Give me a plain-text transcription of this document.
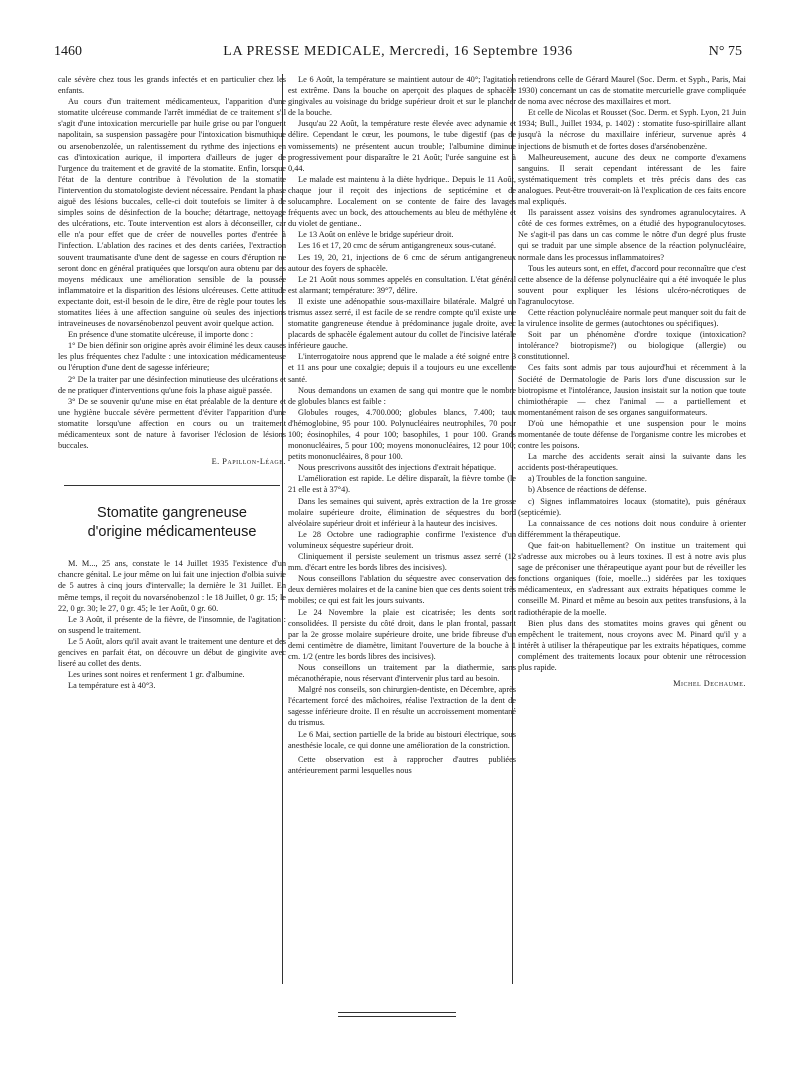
1460	LA PRESSE MEDICALE, Mercredi, 16 Septembre 1936	N° 75

cale sévère chez tous les grands infectés et en particulier chez les enfants.

Au cours d'un traitement médicamenteux, l'apparition d'une stomatite ulcéreuse commande l'arrêt immédiat de ce traitement s'il s'agit d'une intoxication mercurielle par huile grise ou par l'onguent napolitain, sa suspension passagère pour l'intoxication bismuthique ou arsenobenzolée, un ralentissement du rythme des injections en cas d'intoxication aurique, il importera d'ailleurs de juger de l'urgence du traitement et de gravité de la stomatite. Enfin, lorsque l'état de la denture contribue à l'évolution de la stomatite l'intervention du stomatologiste devient nécessaire. Pendant la phase aiguë des lésions buccales, celle-ci doit toutefois se limiter à de simples soins de désinfection de la bouche; détartrage, nettoyage des ulcérations, etc. Toute intervention est alors à déconseiller, car elle n'a pour effet que de créer de nouvelles portes d'entrée à l'infection. L'ablation des racines et des dents cariées, l'extraction souvent traumatisante d'une dent de sagesse en cours d'éruption ne seront donc en général pratiquées que lorsqu'on aura obtenu par des moyens médicaux une amélioration sensible de la poussée inflammatoire et la disparition des lésions ulcéreuses. Cette attitude expectante doit, est-il besoin de le dire, être de règle pour toutes les stomatites liées à une affection sanguine où seules des injections intraveineuses de novarsénobenzol peuvent avoir quelque action.

En présence d'une stomatite ulcéreuse, il importe donc :

1° De bien définir son origine après avoir éliminé les deux causes les plus fréquentes chez l'adulte : une intoxication médicamenteuse ou l'éruption d'une dent de sagesse inférieure;

2° De la traiter par une désinfection minutieuse des ulcérations et de ne pratiquer d'interventions qu'une fois la phase aiguë passée.

3° De se souvenir qu'une mise en état préalable de la denture et une hygiène buccale sévère permettent d'éviter l'apparition d'une stomatite lorsqu'une affection en cours ou un traitement médicamenteux sont de nature à favoriser l'éclosion de lésions buccales.

E. Papillon-Léage.

Stomatite gangreneuse
d'origine médicamenteuse

M. M..., 25 ans, constate le 14 Juillet 1935 l'existence d'un chancre génital. Le jour même on lui fait une injection d'olbia suivie de 5 autres à cinq jours d'intervalle; la dernière le 31 Juillet. En même temps, il reçoit du novarsénobenzol : le 18 Juillet, 0 gr. 15; le 22, 0 gr. 30; le 27, 0 gr. 45; le 1er Août, 0 gr. 60.

Le 3 Août, il présente de la fièvre, de l'insomnie, de l'agitation : on suspend le traitement.

Le 5 Août, alors qu'il avait avant le traitement une denture et des gencives en parfait état, on découvre un début de gingivite avec liseré au collet des dents.

Les urines sont noires et renferment 1 gr. d'albumine.

La température est à 40°3.

Le 6 Août, la température se maintient autour de 40°; l'agitation est extrême. Dans la bouche on aperçoit des plaques de sphacèle gingivales au voisinage du bridge supérieur droit et sur le plancher de la bouche.

Jusqu'au 22 Août, la température reste élevée avec adynamie et délire. Cependant le cœur, les poumons, le tube digestif (pas de vomissements) ne présentent aucun trouble; l'albumine diminue progressivement pour disparaître le 21 Août; l'urée sanguine est à 0,44.

Le malade est maintenu à la diète hydrique.. Depuis le 11 Août, chaque jour il reçoit des injections de septicémine et de solucamphre. Localement on se contente de faire des lavages fréquents avec un bock, des attouchements au bleu de méthylène et du violet de gentiane..

Le 13 Août on enlève le bridge supérieur droit.

Les 16 et 17, 20 cmc de sérum antigangreneux sous-cutané.

Les 19, 20, 21, injections de 6 cmc de sérum antigangreneux autour des foyers de sphacèle.

Le 21 Août nous sommes appelés en consultation. L'état général est alarmant; température: 39°7, délire.

Il existe une adénopathie sous-maxillaire bilatérale. Malgré un trismus assez serré, il est facile de se rendre compte qu'il existe une stomatite gangreneuse étendue à prédominance jugale droite, avec placards de sphacèle également autour du collet de l'incisive latérale inférieure gauche.

L'interrogatoire nous apprend que le malade a été soigné entre 3 et 11 ans pour une coxalgie; depuis il a toujours eu une excellente santé.

Nous demandons un examen de sang qui montre que le nombre de globules blancs est faible :

Globules rouges, 4.700.000; globules blancs, 7.400; taux d'hémoglobine, 95 pour 100. Polynucléaires neutrophiles, 70 pour 100; éosinophiles, 4 pour 100; basophiles, 1 pour 100. Grands mononucléaires, 5 pour 100; moyens mononucléaires, 12 pour 100; petits mononucléaires, 8 pour 100.

Nous prescrivons aussitôt des injections d'extrait hépatique.

L'amélioration est rapide. Le délire disparaît, la fièvre tombe (le 21 elle est à 37°4).

Dans les semaines qui suivent, après extraction de la 1re grosse molaire supérieure droite, élimination de séquestres du bord alvéolaire supérieur droit et inférieur à la hauteur des incisives.

Le 28 Octobre une radiographie confirme l'existence d'un volumineux séquestre supérieur droit.

Cliniquement il persiste seulement un trismus assez serré (12 mm. d'écart entre les bords libres des incisives).

Nous conseillons l'ablation du séquestre avec conservation des deux dernières molaires et de la canine bien que ces dents soient très mobiles; ce qui est fait les jours suivants.

Le 24 Novembre la plaie est cicatrisée; les dents sont consolidées. Il persiste du côté droit, dans le plan frontal, passant par la 2e grosse molaire supérieure droite, une bride fibreuse d'un demi centimètre de diamètre, limitant l'ouverture de la bouche à 1 cm. 1/2 (entre les bords libres des incisives).

Nous conseillons un traitement par la diathermie, sans mécanothérapie, nous réservant d'intervenir plus tard au besoin.

Malgré nos conseils, son chirurgien-dentiste, en Décembre, après l'écartement forcé des mâchoires, réalise l'extraction de la dent de sagesse inférieure droite. Il en résulte un accroissement momentané du trismus.

Le 6 Mai, section partielle de la bride au bistouri électrique, sous anesthésie locale, ce qui donne une amélioration de la constriction.

Cette observation est à rapprocher d'autres publiées antérieurement parmi lesquelles nous

retiendrons celle de Gérard Maurel (Soc. Derm. et Syph., Paris, Mai 1930) concernant un cas de stomatite mercurielle grave compliquée de noma avec nécrose des maxillaires et mort.

Et celle de Nicolas et Rousset (Soc. Derm. et Syph. Lyon, 21 Juin 1934; Bull., Juillet 1934, p. 1402) : stomatite fuso-spirillaire allant jusqu'à la nécrose du maxillaire inférieur, survenue après 4 injections de bismuth et de fortes doses d'arsénobenzène.

Malheureusement, aucune des deux ne comporte d'examens sanguins. Il serait cependant intéressant de les faire systématiquement très complets et très précis dans des cas analogues. Peut-être trouverait-on là l'explication de ces faits encore mal expliqués.

Ils paraissent assez voisins des syndromes agranulocytaires. A côté de ces formes extrêmes, on a étudié des hypogranulocytoses. Ne s'agit-il pas dans un cas comme le nôtre d'un degré plus fruste qui se traduit par une simple absence de la réaction polynucléaire, normale dans les processus inflammatoires?

Tous les auteurs sont, en effet, d'accord pour reconnaître que c'est cette absence de la défense polynucléaire qui a été invoquée le plus souvent pour expliquer les lésions ulcéro-nécrotiques de l'agranulocytose.

Cette réaction polynucléaire normale peut manquer soit du fait de la virulence insolite de germes (autochtones ou spécifiques).

Soit par un phénomène d'ordre toxique (intoxication? intolérance? biotropisme?) ou biologique (allergie) ou constitutionnel.

Ces faits sont admis par tous aujourd'hui et récemment à la Société de Dermatologie de Paris lors d'une discussion sur le biotropisme et l'intolérance, Jausion insistait sur la notion que toute chimiothérapie — chez l'animal — a partiellement et momentanément raison de ses organes sanguiformateurs.

D'où une hémopathie et une suspension pour le moins momentanée de toute défense de l'organisme contre les microbes et contre les poisons.

La marche des accidents serait ainsi la suivante dans les accidents post-thérapeutiques.

a) Troubles de la fonction sanguine.

b) Absence de réactions de défense.

c) Signes inflammatoires locaux (stomatite), puis généraux (septicémie).

La connaissance de ces notions doit nous conduire à orienter différemment la thérapeutique.

Que fait-on habituellement? On institue un traitement qui s'adresse aux microbes ou à leurs toxines. Il est à notre avis plus sage de préconiser une thérapeutique ayant pour but de réveiller les fonctions organiques (foie, moelle...) sidérées par les toxiques médicamenteux, en s'adressant aux extraits hépatiques comme le conseille M. Pinard et même au besoin aux petites transfusions, à la radiothérapie de la moelle.

Bien plus dans des stomatites moins graves qui gênent ou empêchent le traitement, nous croyons avec M. Pinard qu'il y a intérêt à utiliser la thérapeutique par les extraits hépatiques, comme complément des traitements locaux pour obtenir une rétrocession plus rapide.

Michel Dechaume.
